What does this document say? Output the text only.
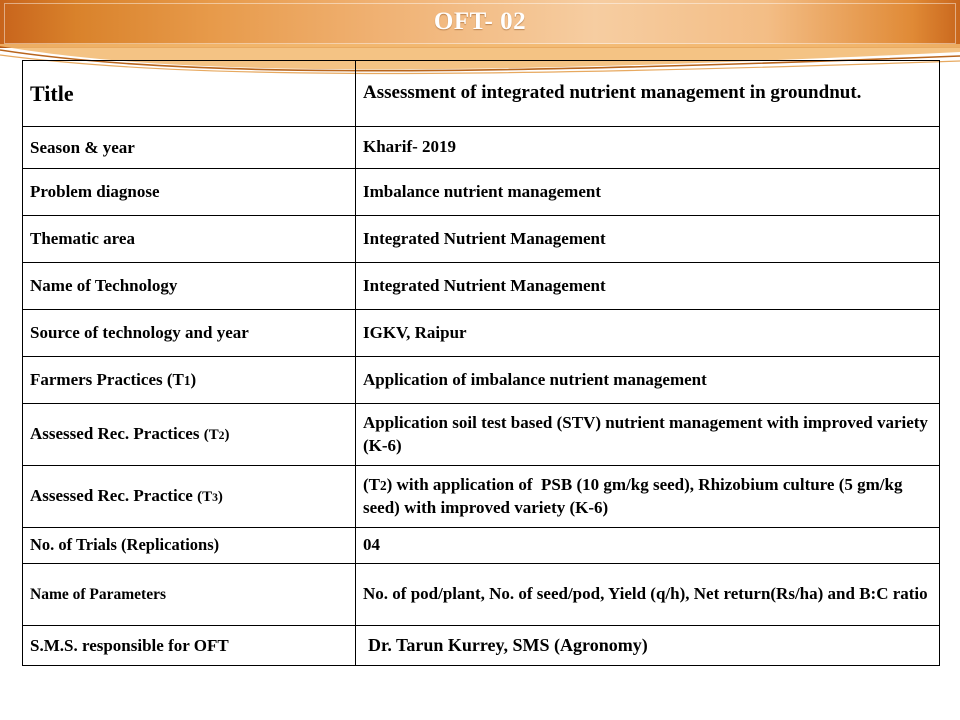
OFT- 02
Title	Assessment of integrated nutrient management in groundnut.
Season & year	Kharif- 2019
Problem diagnose	Imbalance nutrient management
Thematic area	Integrated Nutrient Management
Name of Technology	Integrated Nutrient Management
Source of technology and year	IGKV, Raipur
Farmers Practices (T1)	Application of imbalance nutrient management
Assessed Rec. Practices (T2)	Application soil test based (STV) nutrient management with improved variety (K-6)
Assessed Rec. Practice (T3)	(T2) with application of  PSB (10 gm/kg seed), Rhizobium culture (5 gm/kg seed) with improved variety (K-6)
No. of Trials (Replications)	04
Name of Parameters	No. of pod/plant, No. of seed/pod, Yield (q/h), Net return(Rs/ha) and B:C ratio
S.M.S. responsible for OFT	Dr. Tarun Kurrey, SMS (Agronomy)
